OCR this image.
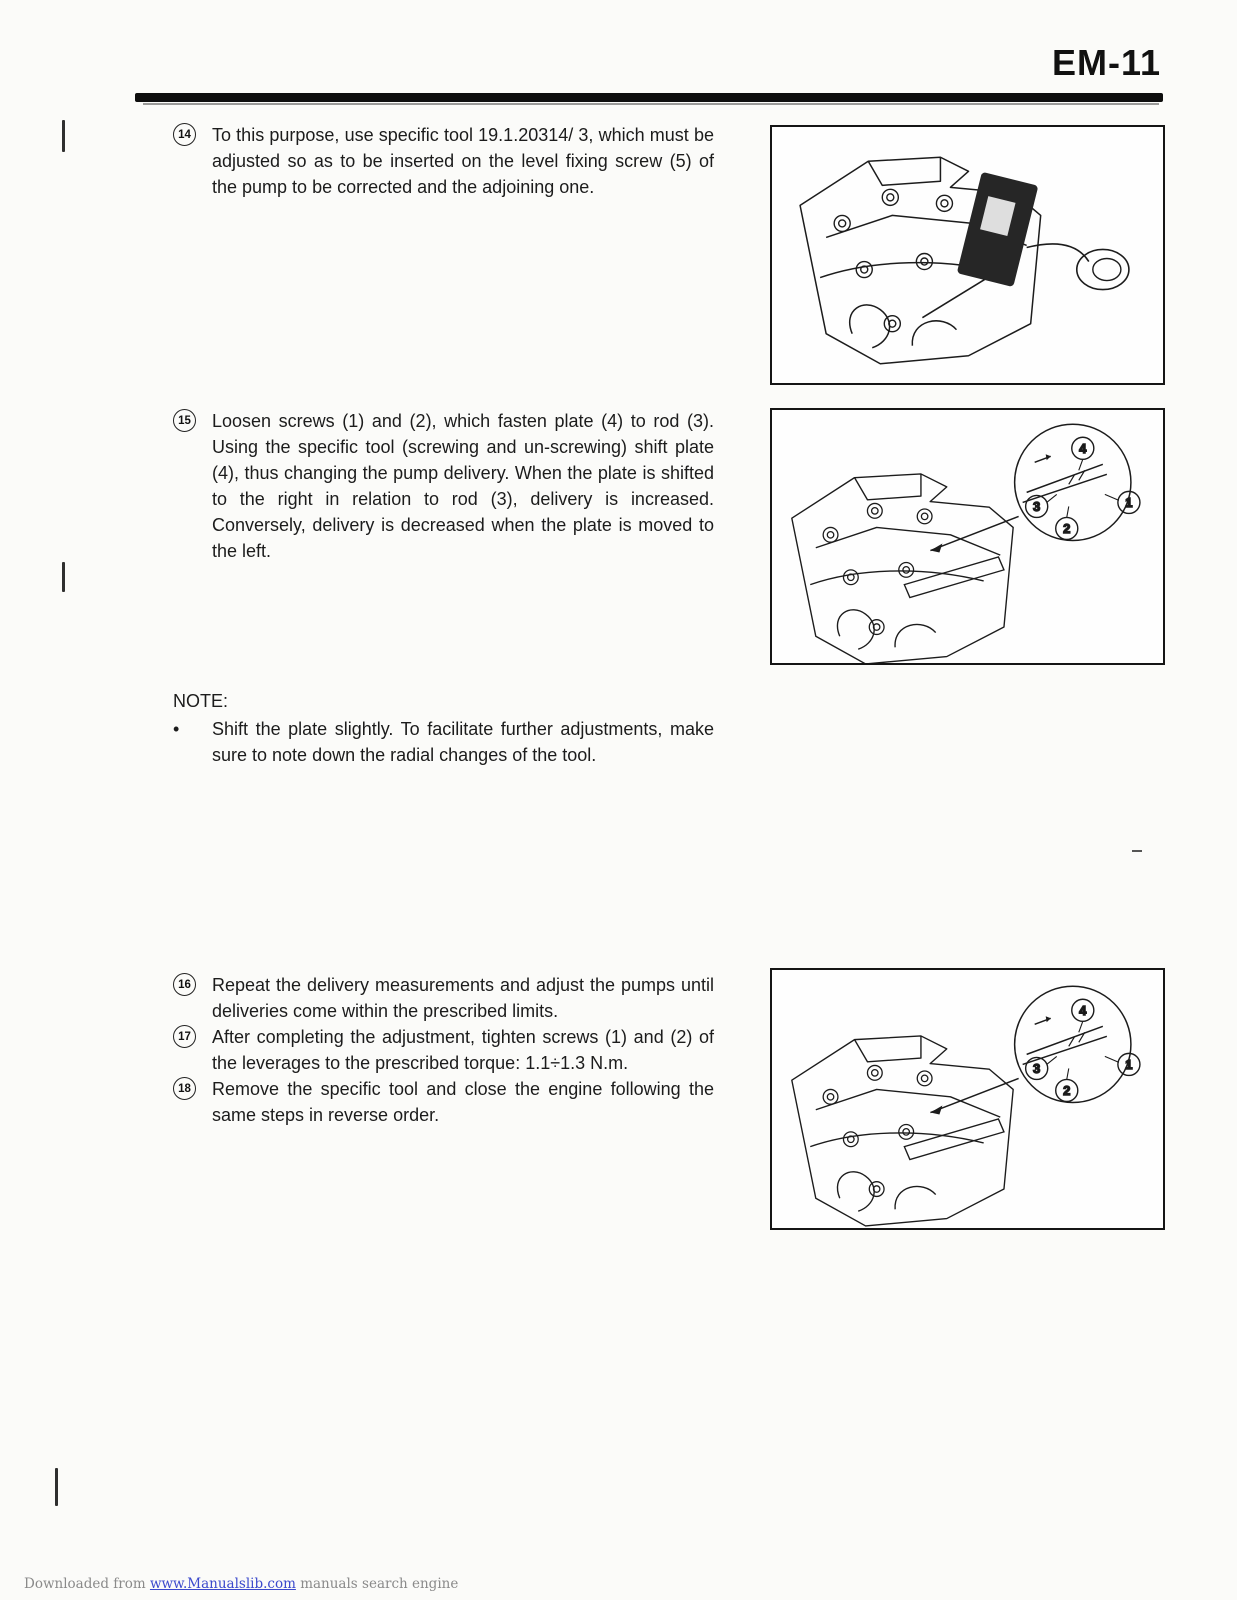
EM-11
14 To this purpose, use specific tool 19.1.20314/ 3, which must be adjusted so as to be inserted on the level fixing screw (5) of the pump to be corrected and the adjoining one.
15 Loosen screws (1) and (2), which fasten plate (4) to rod (3). Using the specific tool (screwing and un-screwing) shift plate (4), thus changing the pump delivery. When the plate is shifted to the right in relation to rod (3), delivery is increased. Conversely, delivery is decreased when the plate is moved to the left.
4
1
3
2
NOTE:
•	Shift the plate slightly. To facilitate further adjustments, make sure to note down the radial changes of the tool.
16 Repeat the delivery measurements and adjust the pumps until deliveries come within the prescribed limits.
17 After completing the adjustment, tighten screws (1) and (2) of the leverages to the prescribed torque: 1.1÷1.3 N.m.
18 Remove the specific tool and close the engine following the same steps in reverse order.
4
1
3
2
Downloaded from www.Manualslib.com manuals search engine
